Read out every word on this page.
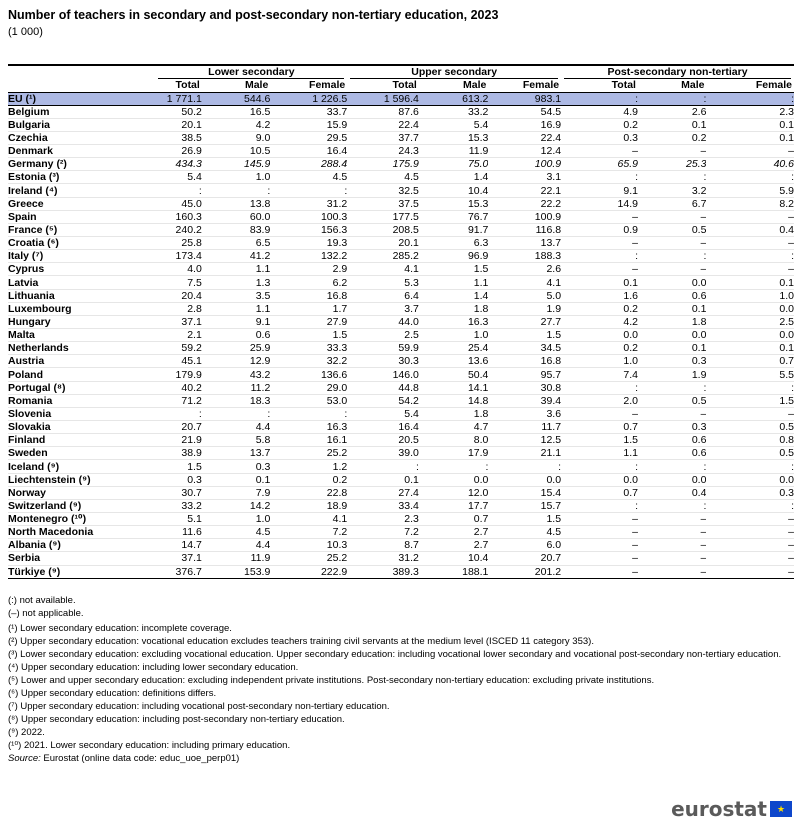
Number of teachers in secondary and post-secondary non-tertiary education, 2023
(1 000)

	Lower secondary			Upper secondary			Post-secondary non-tertiary		

	Total	Male	Female	Total	Male	Female	Total	Male	Female
EU (¹)	1 771.1	544.6	1 226.5	1 596.4	613.2	983.1	:	:	:
Belgium	50.2	16.5	33.7	87.6	33.2	54.5	4.9	2.6	2.3
Bulgaria	20.1	4.2	15.9	22.4	5.4	16.9	0.2	0.1	0.1
Czechia	38.5	9.0	29.5	37.7	15.3	22.4	0.3	0.2	0.1
Denmark	26.9	10.5	16.4	24.3	11.9	12.4	–	–	–
Germany (²)	434.3	145.9	288.4	175.9	75.0	100.9	65.9	25.3	40.6
Estonia (³)	5.4	1.0	4.5	4.5	1.4	3.1	:	:	:
Ireland (⁴)	:	:	:	32.5	10.4	22.1	9.1	3.2	5.9
Greece	45.0	13.8	31.2	37.5	15.3	22.2	14.9	6.7	8.2
Spain	160.3	60.0	100.3	177.5	76.7	100.9	–	–	–
France (⁵)	240.2	83.9	156.3	208.5	91.7	116.8	0.9	0.5	0.4
Croatia (⁶)	25.8	6.5	19.3	20.1	6.3	13.7	–	–	–
Italy (⁷)	173.4	41.2	132.2	285.2	96.9	188.3	:	:	:
Cyprus	4.0	1.1	2.9	4.1	1.5	2.6	–	–	–
Latvia	7.5	1.3	6.2	5.3	1.1	4.1	0.1	0.0	0.1
Lithuania	20.4	3.5	16.8	6.4	1.4	5.0	1.6	0.6	1.0
Luxembourg	2.8	1.1	1.7	3.7	1.8	1.9	0.2	0.1	0.0
Hungary	37.1	9.1	27.9	44.0	16.3	27.7	4.2	1.8	2.5
Malta	2.1	0.6	1.5	2.5	1.0	1.5	0.0	0.0	0.0
Netherlands	59.2	25.9	33.3	59.9	25.4	34.5	0.2	0.1	0.1
Austria	45.1	12.9	32.2	30.3	13.6	16.8	1.0	0.3	0.7
Poland	179.9	43.2	136.6	146.0	50.4	95.7	7.4	1.9	5.5
Portugal (⁸)	40.2	11.2	29.0	44.8	14.1	30.8	:	:	:
Romania	71.2	18.3	53.0	54.2	14.8	39.4	2.0	0.5	1.5
Slovenia	:	:	:	5.4	1.8	3.6	–	–	–
Slovakia	20.7	4.4	16.3	16.4	4.7	11.7	0.7	0.3	0.5
Finland	21.9	5.8	16.1	20.5	8.0	12.5	1.5	0.6	0.8
Sweden	38.9	13.7	25.2	39.0	17.9	21.1	1.1	0.6	0.5
Iceland (⁹)	1.5	0.3	1.2	:	:	:	:	:	:
Liechtenstein (⁹)	0.3	0.1	0.2	0.1	0.0	0.0	0.0	0.0	0.0
Norway	30.7	7.9	22.8	27.4	12.0	15.4	0.7	0.4	0.3
Switzerland (⁹)	33.2	14.2	18.9	33.4	17.7	15.7	:	:	:
Montenegro (¹⁰)	5.1	1.0	4.1	2.3	0.7	1.5	–	–	–
North Macedonia	11.6	4.5	7.2	7.2	2.7	4.5	–	–	–
Albania (⁹)	14.7	4.4	10.3	8.7	2.7	6.0	–	–	–
Serbia	37.1	11.9	25.2	31.2	10.4	20.7	–	–	–
Türkiye (⁹)	376.7	153.9	222.9	389.3	188.1	201.2	–	–	–
(:) not available.
(–) not applicable.
(¹) Lower secondary education: incomplete coverage.
(²) Upper secondary education: vocational education excludes teachers training civil servants at the medium level (ISCED 11 category 353).
(³) Lower secondary education: excluding vocational education. Upper secondary education: including vocational lower secondary and vocational post-secondary non-tertiary education.
(⁴) Upper secondary education: including lower secondary education.
(⁵) Lower and upper secondary education: excluding independent private institutions. Post-secondary non-tertiary education: excluding private institutions.
(⁶) Upper secondary education: definitions differs.
(⁷) Upper secondary education: including vocational post-secondary non-tertiary education.
(⁸) Upper secondary education: including post-secondary non-tertiary education.
(⁹) 2022.
(¹⁰) 2021. Lower secondary education: including primary education.
Source: Eurostat (online data code: educ_uoe_perp01)
eurostat ★
